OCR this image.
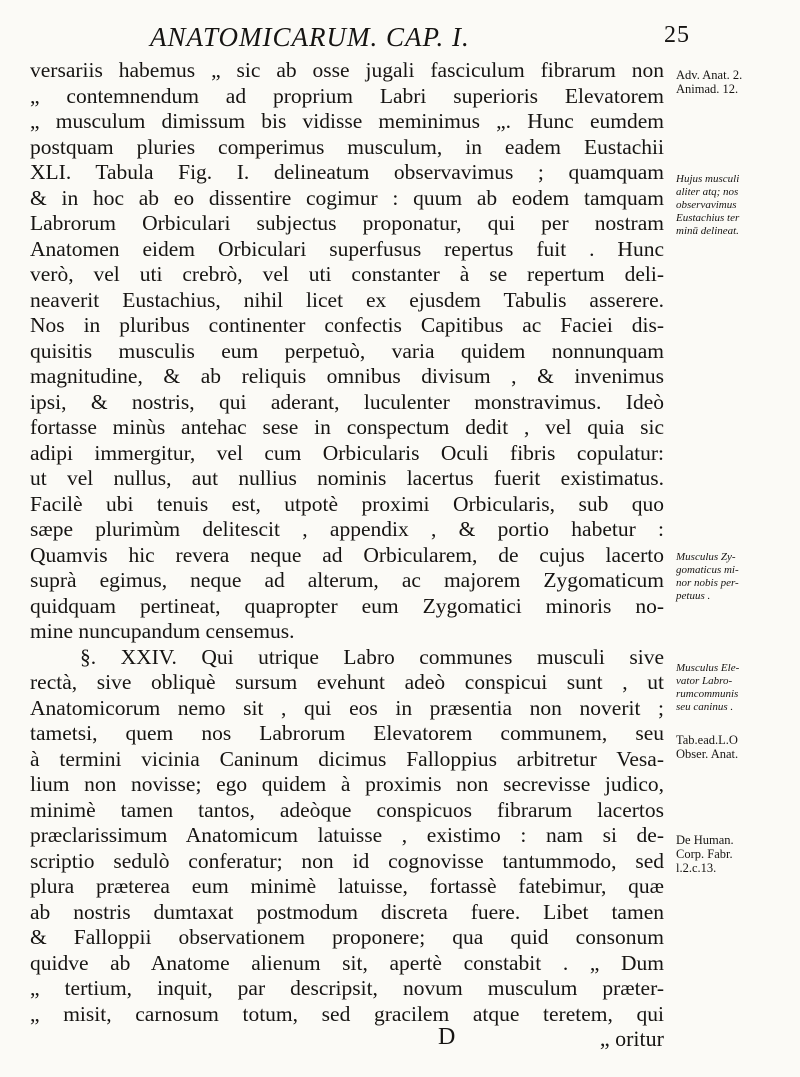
ANATOMICARUM. CAP. I.	25
versariis habemus „ sic ab osse jugali fasciculum fibrarum non
„ contemnendum ad proprium Labri superioris Elevatorem
„ musculum dimissum bis vidisse meminimus „. Hunc eumdem
postquam pluries comperimus musculum, in eadem Eustachii
XLI. Tabula Fig. I. delineatum observavimus ; quamquam
& in hoc ab eo dissentire cogimur : quum ab eodem tamquam
Labrorum Orbiculari subjectus proponatur, qui per nostram
Anatomen eidem Orbiculari superfusus repertus fuit . Hunc
verò, vel uti crebrò, vel uti constanter à se repertum deli-
neaverit Eustachius, nihil licet ex ejusdem Tabulis asserere.
Nos in pluribus continenter confectis Capitibus ac Faciei dis-
quisitis musculis eum perpetuò, varia quidem nonnunquam
magnitudine, & ab reliquis omnibus divisum , & invenimus
ipsi, & nostris, qui aderant, luculenter monstravimus. Ideò
fortasse minùs antehac sese in conspectum dedit , vel quia sic
adipi immergitur, vel cum Orbicularis Oculi fibris copulatur:
ut vel nullus, aut nullius nominis lacertus fuerit existimatus.
Facilè ubi tenuis est, utpotè proximi Orbicularis, sub quo
sæpe plurimùm delitescit , appendix , & portio habetur :
Quamvis hic revera neque ad Orbicularem, de cujus lacerto
suprà egimus, neque ad alterum, ac majorem Zygomaticum
quidquam pertineat, quapropter eum Zygomatici minoris no-
mine nuncupandum censemus.
§. XXIV. Qui utrique Labro communes musculi sive
rectà, sive obliquè sursum evehunt adeò conspicui sunt , ut
Anatomicorum nemo sit , qui eos in præsentia non noverit ;
tametsi, quem nos Labrorum Elevatorem communem, seu
à termini vicinia Caninum dicimus Falloppius arbitretur Vesa-
lium non novisse; ego quidem à proximis non secrevisse judico,
minimè tamen tantos, adeòque conspicuos fibrarum lacertos
præclarissimum Anatomicum latuisse , existimo : nam si de-
scriptio sedulò conferatur; non id cognovisse tantummodo, sed
plura præterea eum minimè latuisse, fortassè fatebimur, quæ
ab nostris dumtaxat postmodum discreta fuere. Libet tamen
& Falloppii observationem proponere; qua quid consonum
quidve ab Anatome alienum sit, apertè constabit . „ Dum
„ tertium, inquit, par descripsit, novum musculum præter-
„ misit, carnosum totum, sed gracilem atque teretem, qui
D	„ oritur
Adv. Anat. 2.
Animad. 12.
Hujus musculi
aliter atq; nos
observavimus
Eustachius ter
minū delineat.
Musculus Zy-
gomaticus mi-
nor nobis per-
petuus .
Musculus Ele-
vator Labro-
rumcommunis
seu caninus .
Tab.ead.L.O
Obser. Anat.
De Human.
Corp. Fabr.
l.2.c.13.
